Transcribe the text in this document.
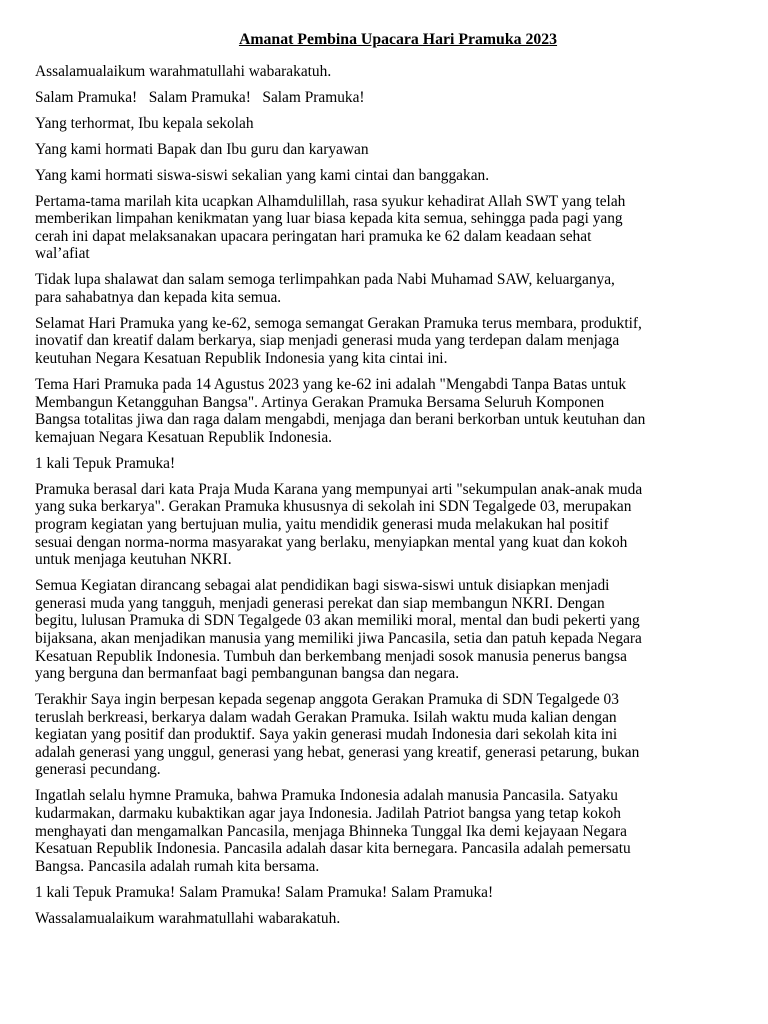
Amanat Pembina Upacara Hari Pramuka 2023
Assalamualaikum warahmatullahi wabarakatuh.
Salam Pramuka!   Salam Pramuka!   Salam Pramuka!
Yang terhormat, Ibu kepala sekolah
Yang kami hormati Bapak dan Ibu guru dan karyawan
Yang kami hormati siswa-siswi sekalian yang kami cintai dan banggakan.
Pertama-tama marilah kita ucapkan Alhamdulillah, rasa syukur kehadirat Allah SWT yang telah
memberikan limpahan kenikmatan yang luar biasa kepada kita semua, sehingga pada pagi yang
cerah ini dapat melaksanakan upacara peringatan hari pramuka ke 62 dalam keadaan sehat
wal’afiat
Tidak lupa shalawat dan salam semoga terlimpahkan pada Nabi Muhamad SAW, keluarganya,
para sahabatnya dan kepada kita semua.
Selamat Hari Pramuka yang ke-62, semoga semangat Gerakan Pramuka terus membara, produktif,
inovatif dan kreatif dalam berkarya, siap menjadi generasi muda yang terdepan dalam menjaga
keutuhan Negara Kesatuan Republik Indonesia yang kita cintai ini.
Tema Hari Pramuka pada 14 Agustus 2023 yang ke-62 ini adalah "Mengabdi Tanpa Batas untuk
Membangun Ketangguhan Bangsa". Artinya Gerakan Pramuka Bersama Seluruh Komponen
Bangsa totalitas jiwa dan raga dalam mengabdi, menjaga dan berani berkorban untuk keutuhan dan
kemajuan Negara Kesatuan Republik Indonesia.
1 kali Tepuk Pramuka!
Pramuka berasal dari kata Praja Muda Karana yang mempunyai arti "sekumpulan anak-anak muda
yang suka berkarya". Gerakan Pramuka khususnya di sekolah ini SDN Tegalgede 03, merupakan
program kegiatan yang bertujuan mulia, yaitu mendidik generasi muda melakukan hal positif
sesuai dengan norma-norma masyarakat yang berlaku, menyiapkan mental yang kuat dan kokoh
untuk menjaga keutuhan NKRI.
Semua Kegiatan dirancang sebagai alat pendidikan bagi siswa-siswi untuk disiapkan menjadi
generasi muda yang tangguh, menjadi generasi perekat dan siap membangun NKRI. Dengan
begitu, lulusan Pramuka di SDN Tegalgede 03 akan memiliki moral, mental dan budi pekerti yang
bijaksana, akan menjadikan manusia yang memiliki jiwa Pancasila, setia dan patuh kepada Negara
Kesatuan Republik Indonesia. Tumbuh dan berkembang menjadi sosok manusia penerus bangsa
yang berguna dan bermanfaat bagi pembangunan bangsa dan negara.
Terakhir Saya ingin berpesan kepada segenap anggota Gerakan Pramuka di SDN Tegalgede 03
teruslah berkreasi, berkarya dalam wadah Gerakan Pramuka. Isilah waktu muda kalian dengan
kegiatan yang positif dan produktif. Saya yakin generasi mudah Indonesia dari sekolah kita ini
adalah generasi yang unggul, generasi yang hebat, generasi yang kreatif, generasi petarung, bukan
generasi pecundang.
Ingatlah selalu hymne Pramuka, bahwa Pramuka Indonesia adalah manusia Pancasila. Satyaku
kudarmakan, darmaku kubaktikan agar jaya Indonesia. Jadilah Patriot bangsa yang tetap kokoh
menghayati dan mengamalkan Pancasila, menjaga Bhinneka Tunggal Ika demi kejayaan Negara
Kesatuan Republik Indonesia. Pancasila adalah dasar kita bernegara. Pancasila adalah pemersatu
Bangsa. Pancasila adalah rumah kita bersama.
1 kali Tepuk Pramuka! Salam Pramuka! Salam Pramuka! Salam Pramuka!
Wassalamualaikum warahmatullahi wabarakatuh.
